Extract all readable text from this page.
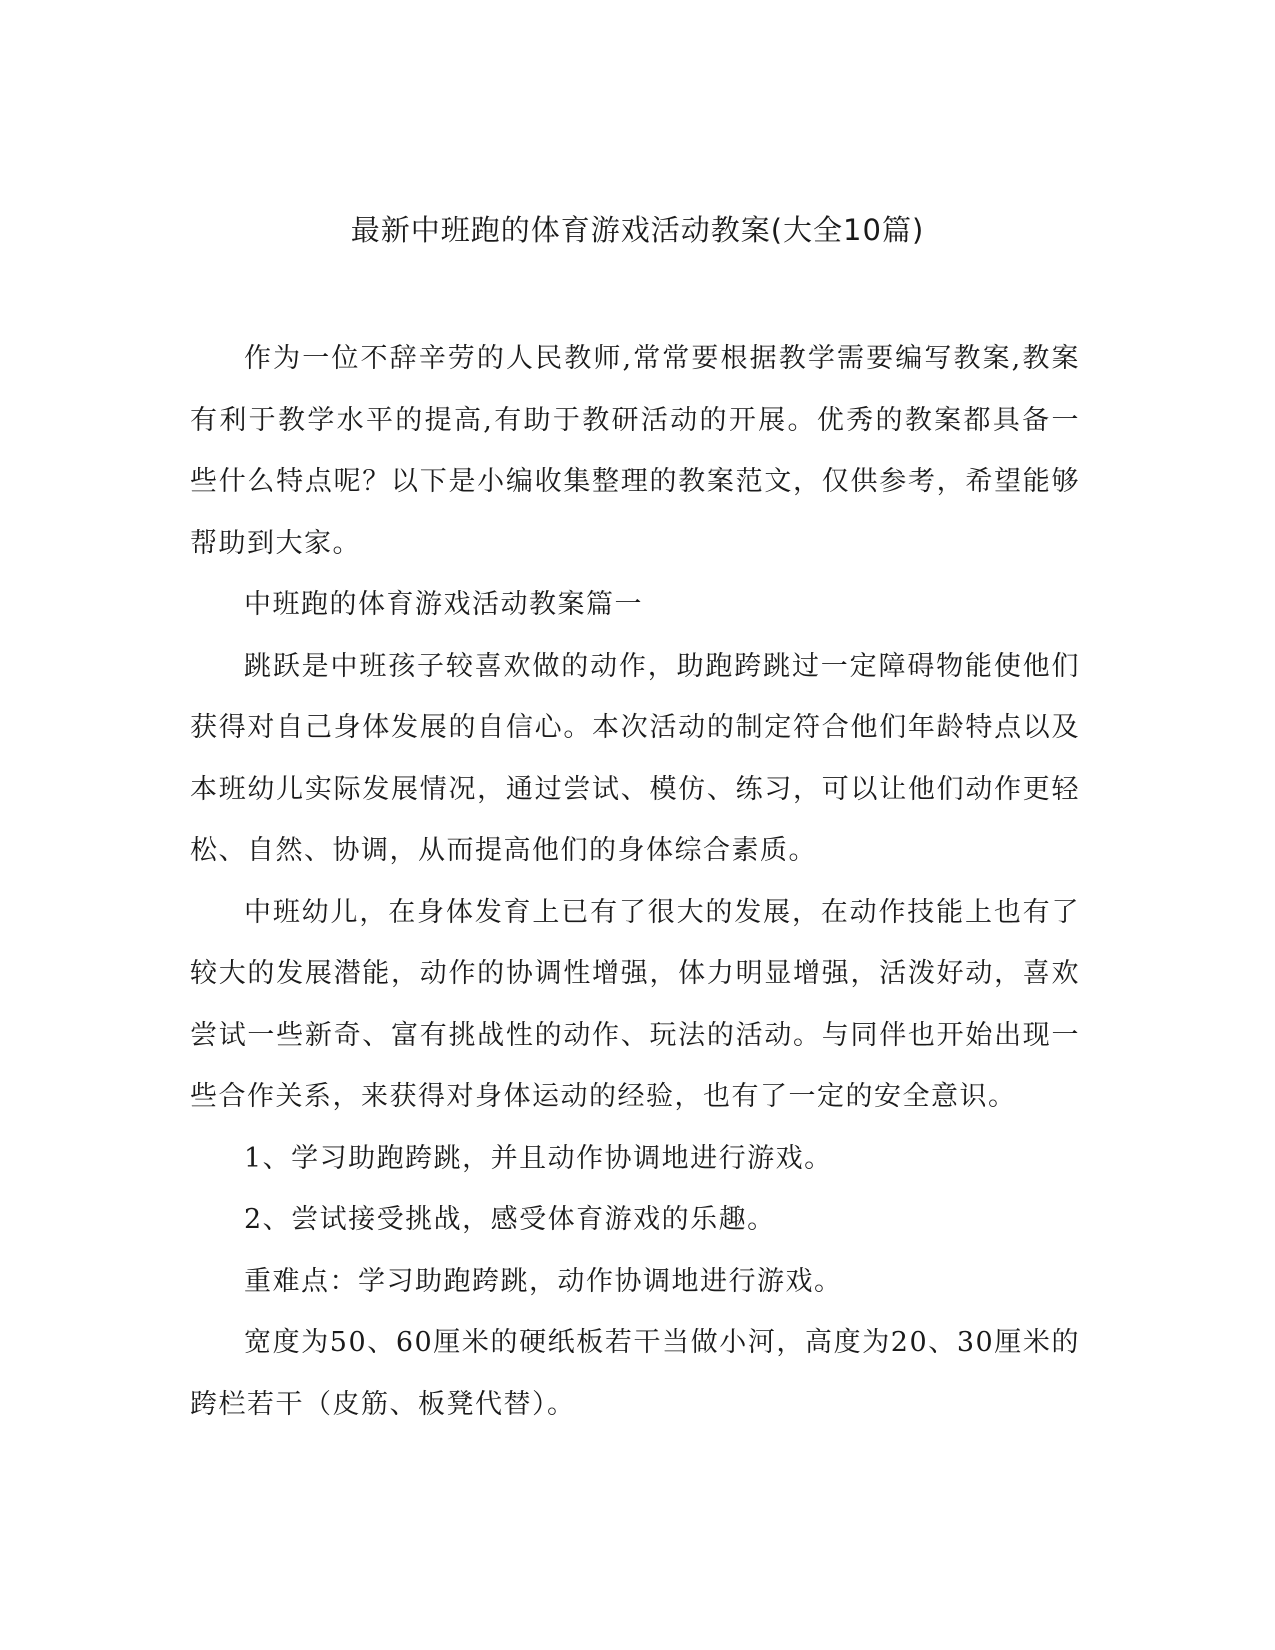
最新中班跑的体育游戏活动教案(大全10篇)

作为一位不辞辛劳的人民教师,常常要根据教学需要编写教案,教案有利于教学水平的提高,有助于教研活动的开展。优秀的教案都具备一些什么特点呢？以下是小编收集整理的教案范文，仅供参考，希望能够帮助到大家。

中班跑的体育游戏活动教案篇一

跳跃是中班孩子较喜欢做的动作，助跑跨跳过一定障碍物能使他们获得对自己身体发展的自信心。本次活动的制定符合他们年龄特点以及本班幼儿实际发展情况，通过尝试、模仿、练习，可以让他们动作更轻松、自然、协调，从而提高他们的身体综合素质。

中班幼儿，在身体发育上已有了很大的发展，在动作技能上也有了较大的发展潜能，动作的协调性增强，体力明显增强，活泼好动，喜欢尝试一些新奇、富有挑战性的动作、玩法的活动。与同伴也开始出现一些合作关系，来获得对身体运动的经验，也有了一定的安全意识。

1、学习助跑跨跳，并且动作协调地进行游戏。

2、尝试接受挑战，感受体育游戏的乐趣。

重难点：学习助跑跨跳，动作协调地进行游戏。

宽度为50、60厘米的硬纸板若干当做小河，高度为20、30厘米的跨栏若干（皮筋、板凳代替）。
